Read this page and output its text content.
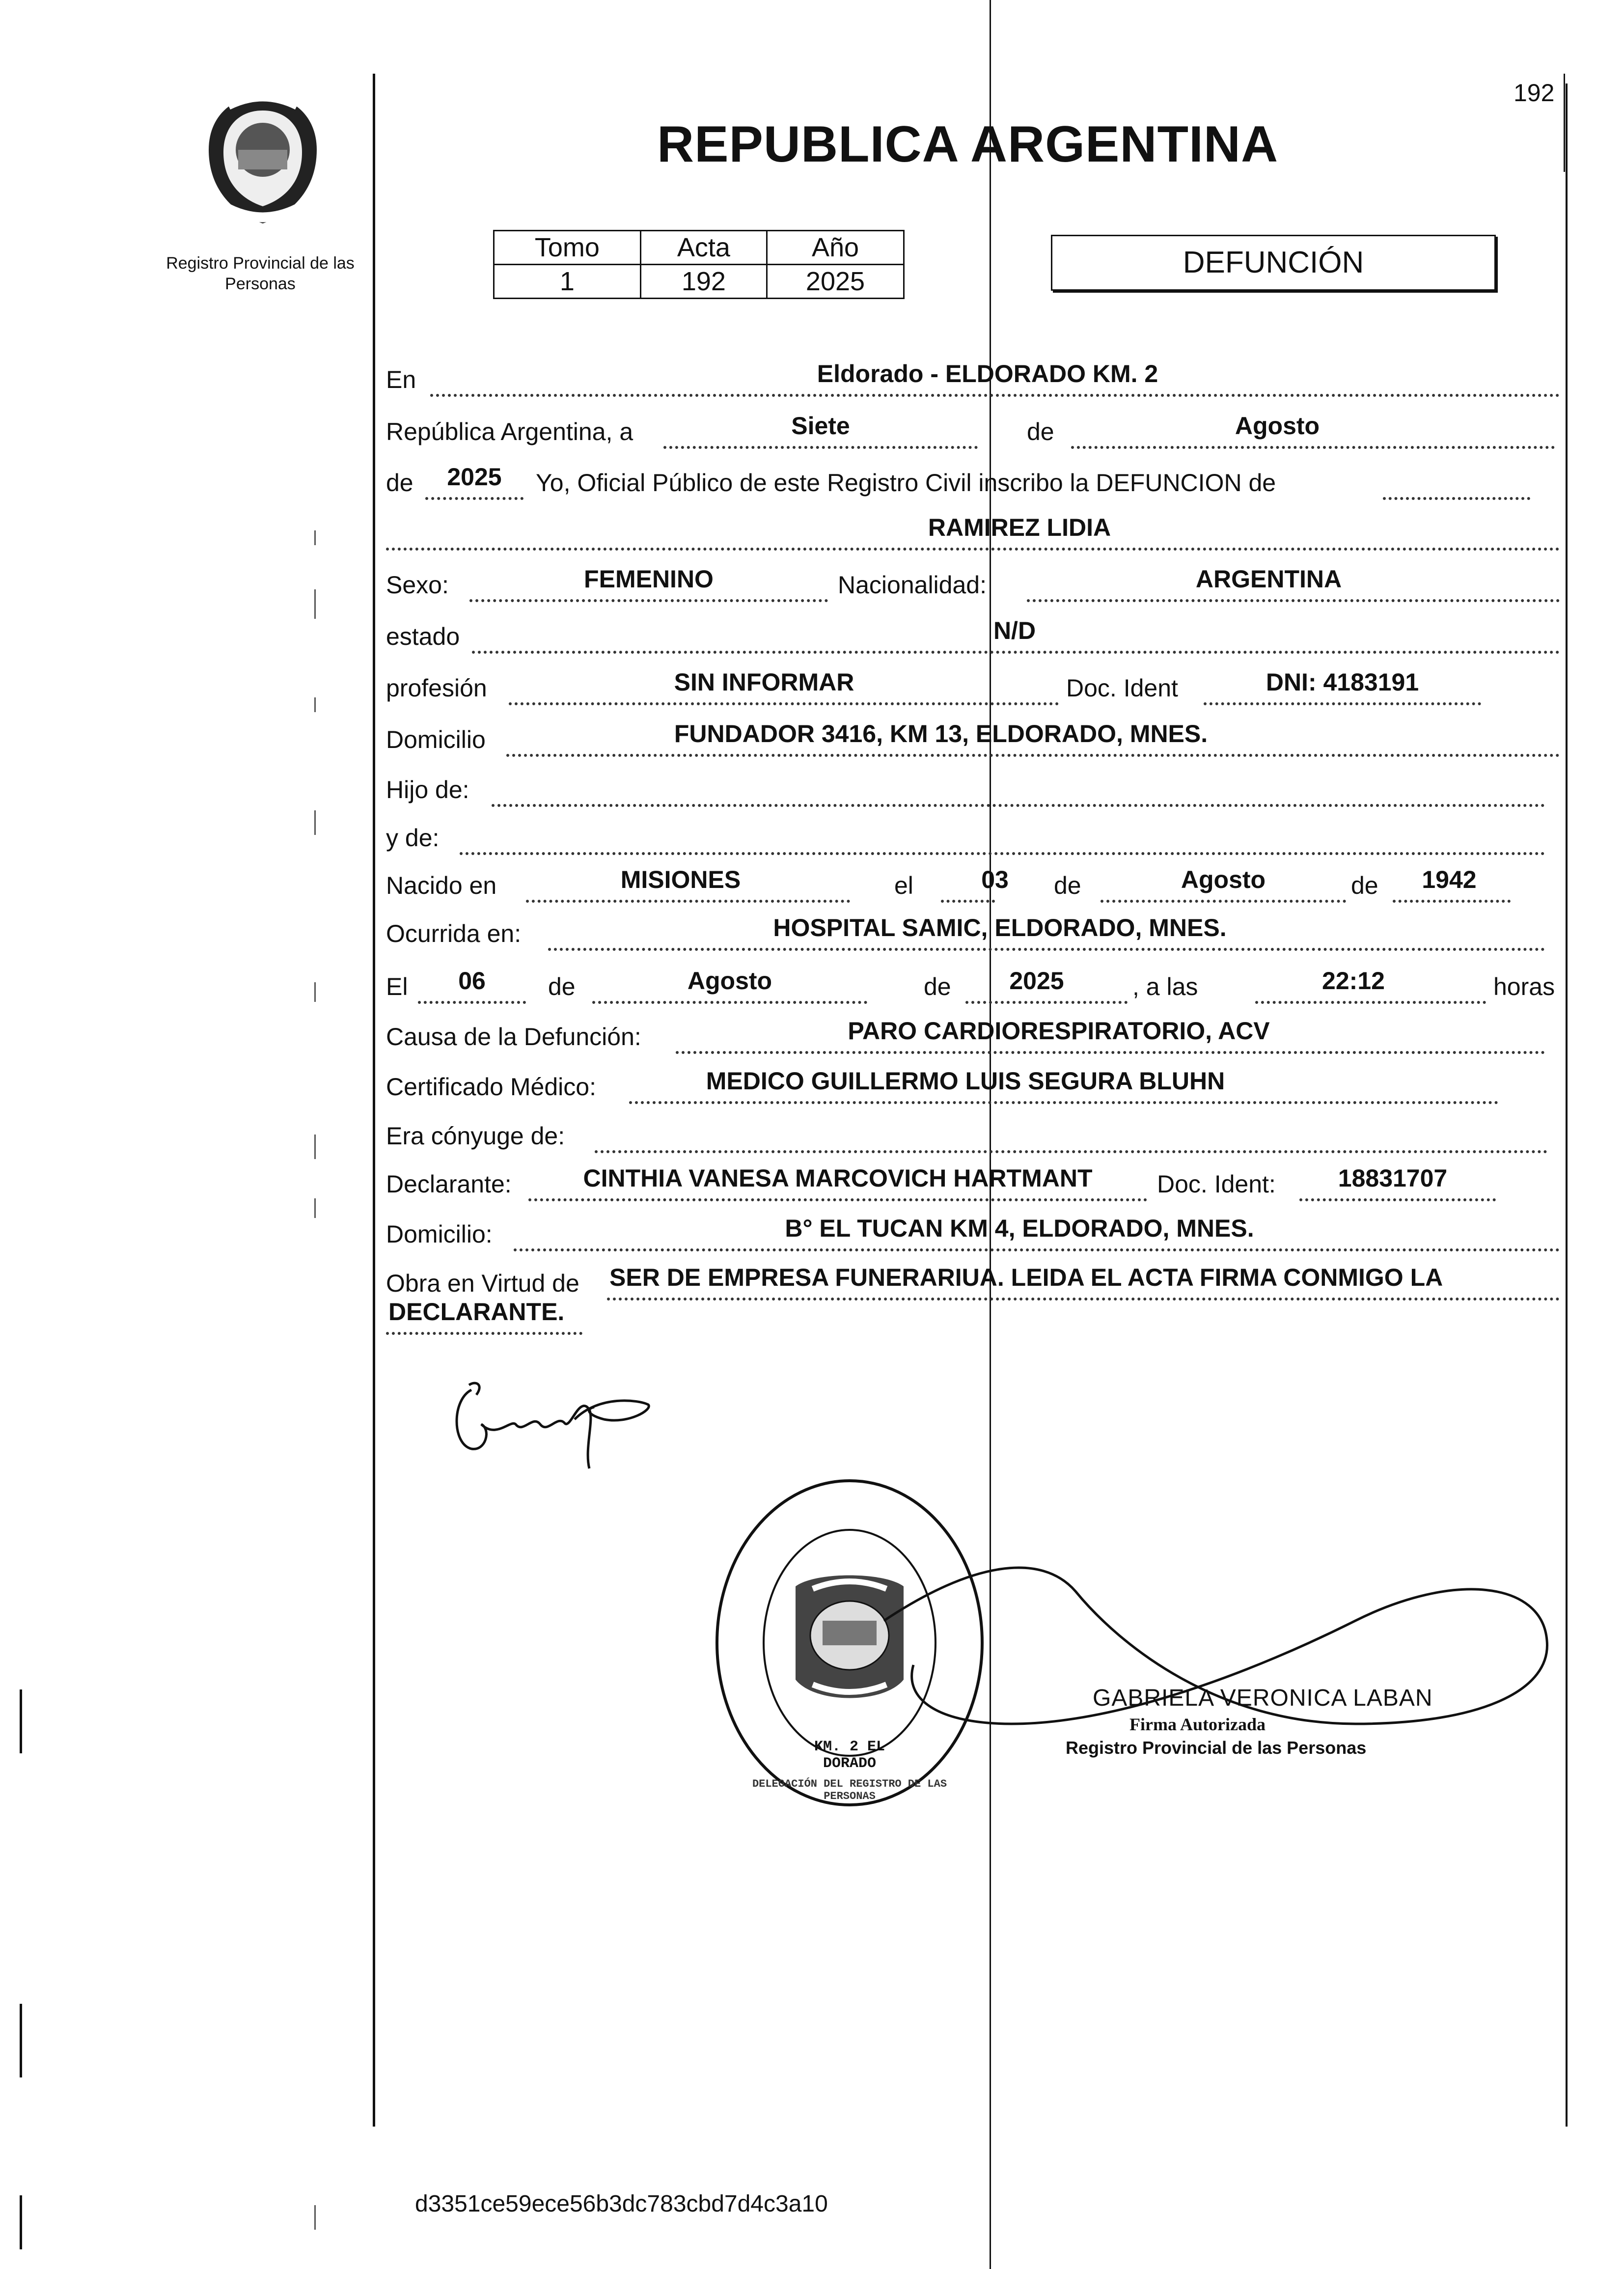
192
Registro Provincial de las Personas
REPUBLICA ARGENTINA
Tomo	Acta	Año
1	192	2025
DEFUNCIÓN
En	Eldorado - ELDORADO KM. 2
República Argentina, a	Siete	de	Agosto
de	2025	Yo, Oficial Público de este Registro Civil inscribo la DEFUNCION de
RAMIREZ LIDIA
Sexo:	FEMENINO	Nacionalidad:	ARGENTINA
estado	N/D
profesión	SIN INFORMAR	Doc. Ident	DNI: 4183191
Domicilio	FUNDADOR 3416, KM 13, ELDORADO, MNES.
Hijo de:
y de:
Nacido en	MISIONES	el	03 de	Agosto	de	1942
Ocurrida en:	HOSPITAL SAMIC, ELDORADO, MNES.
El	06	de	Agosto	de	2025	, a las	22:12	horas
Causa de la Defunción:	PARO CARDIORESPIRATORIO, ACV
Certificado Médico:	MEDICO GUILLERMO LUIS SEGURA BLUHN
Era cónyuge de:
Declarante:	CINTHIA VANESA MARCOVICH HARTMANT	Doc. Ident:	18831707
Domicilio:	B° EL TUCAN KM 4, ELDORADO, MNES.
Obra en Virtud de SER DE EMPRESA FUNERARIUA. LEIDA EL ACTA FIRMA CONMIGO LA
DECLARANTE.
DELEGACIÓN DEL REGISTRO DE LAS PERSONAS
KM. 2 EL DORADO
GABRIELA VERONICA LABAN
Firma Autorizada
Registro Provincial de las Personas
d3351ce59ece56b3dc783cbd7d4c3a10
